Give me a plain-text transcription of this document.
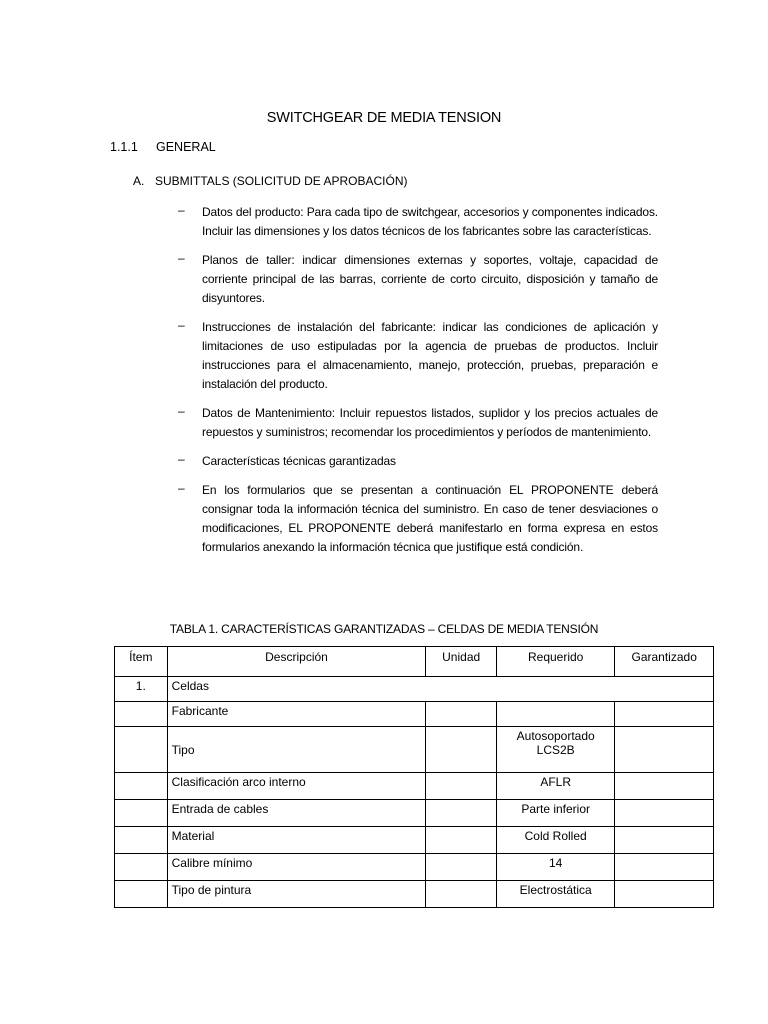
SWITCHGEAR DE MEDIA TENSION
1.1.1 GENERAL
A. SUBMITTALS (SOLICITUD DE APROBACIÓN)
– Datos del producto: Para cada tipo de switchgear, accesorios y componentes indicados. Incluir las dimensiones y los datos técnicos de los fabricantes sobre las características.
– Planos de taller: indicar dimensiones externas y soportes, voltaje, capacidad de corriente principal de las barras, corriente de corto circuito, disposición y tamaño de disyuntores.
– Instrucciones de instalación del fabricante: indicar las condiciones de aplicación y limitaciones de uso estipuladas por la agencia de pruebas de productos. Incluir instrucciones para el almacenamiento, manejo, protección, pruebas, preparación e instalación del producto.
– Datos de Mantenimiento: Incluir repuestos listados, suplidor y los precios actuales de repuestos y suministros; recomendar los procedimientos y períodos de mantenimiento.
– Características técnicas garantizadas
– En los formularios que se presentan a continuación EL PROPONENTE deberá consignar toda la información técnica del suministro. En caso de tener desviaciones o modificaciones, EL PROPONENTE deberá manifestarlo en forma expresa en estos formularios anexando la información técnica que justifique está condición.
TABLA 1. CARACTERÍSTICAS GARANTIZADAS – CELDAS DE MEDIA TENSIÓN
Ítem	Descripción	Unidad	Requerido	Garantizado
1.	Celdas			
	Fabricante			
	Tipo		Autosoportado
LCS2B	

	Clasificación arco interno		AFLR	
	Entrada de cables		Parte inferior	
	Material		Cold Rolled	
	Calibre mínimo		14	
	Tipo de pintura		Electrostática	
